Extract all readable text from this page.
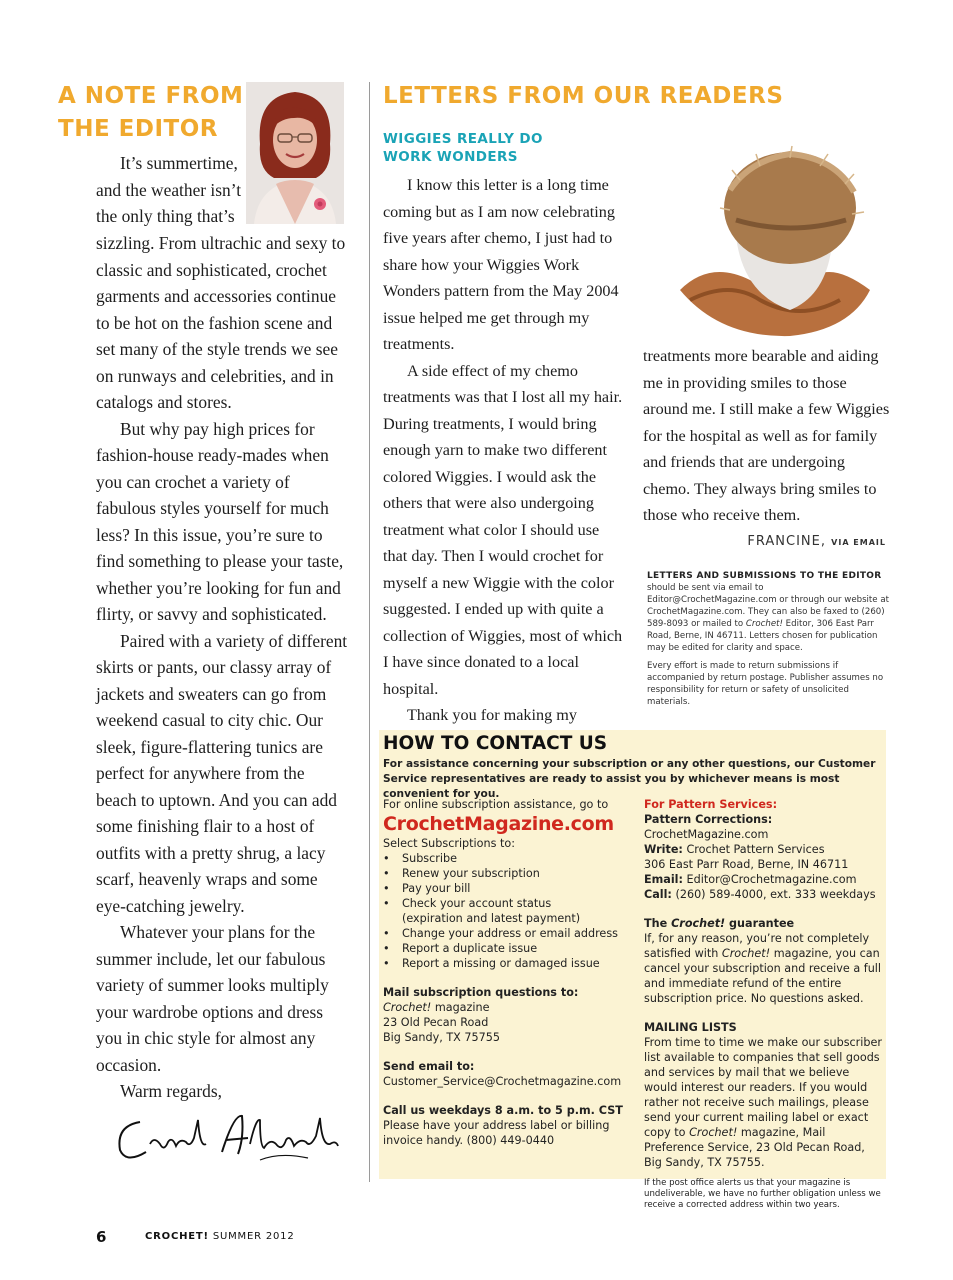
A NOTE FROM THE EDITOR

It’s summertime,

and the weather isn’t

the only thing that’s

sizzling. From ultrachic and sexy to classic and sophisticated, crochet garments and accessories continue to be hot on the fashion scene and set many of the style trends we see on runways and celebrities, and in catalogs and stores.

But why pay high prices for fashion-house ready-mades when you can crochet a variety of fabulous styles yourself for much less? In this issue, you’re sure to find something to please your taste, whether you’re looking for fun and flirty, or savvy and sophisticated.

Paired with a variety of different skirts or pants, our classy array of jackets and sweaters can go from weekend casual to city chic. Our sleek, figure-flattering tunics are perfect for anywhere from the beach to uptown. And you can add some finishing flair to a host of outfits with a pretty shrug, a lacy scarf, heavenly wraps and some eye-catching jewelry.

Whatever your plans for the summer include, let our fabulous variety of summer looks multiply your wardrobe options and dress you in chic style for almost any occasion.

Warm regards,

LETTERS FROM OUR READERS
WIGGIES REALLY DO
WORK WONDERS

I know this letter is a long time coming but as I am now celebrating five years after chemo, I just had to share how your Wiggies Work Wonders pattern from the May 2004 issue helped me get through my treatments.

A side effect of my chemo treatments was that I lost all my hair. During treatments, I would bring enough yarn to make two different colored Wiggies. I would ask the others that were also undergoing treatment what color I should use that day. Then I would crochet for myself a new Wiggie with the color suggested. I ended up with quite a collection of Wiggies, most of which I have since donated to a local hospital.

Thank you for making my

treatments more bearable and aiding me in providing smiles to those around me. I still make a few Wiggies for the hospital as well as for family and friends that are undergoing chemo. They always bring smiles to those who receive them.

FRANCINE, VIA EMAIL
LETTERS AND SUBMISSIONS TO THE EDITOR

should be sent via email to Editor@CrochetMagazine.com or through our website at CrochetMagazine.com. They can also be faxed to (260) 589-8093 or mailed to Crochet! Editor, 306 East Parr Road, Berne, IN 46711. Letters chosen for publication may be edited for clarity and space.

Every effort is made to return submissions if accompanied by return postage. Publisher assumes no responsibility for return or safety of unsolicited materials.

HOW TO CONTACT US
For assistance concerning your subscription or any other questions, our Customer Service representatives are ready to assist you by whichever means is most convenient for you.

For online subscription assistance, go to

CrochetMagazine.com

Select Subscriptions to:

• Subscribe
• Renew your subscription
• Pay your bill
• Check your account status
(expiration and latest payment)
• Change your address or email address
• Report a duplicate issue
• Report a missing or damaged issue

Mail subscription questions to:

Crochet! magazine

23 Old Pecan Road

Big Sandy, TX 75755

Send email to:

Customer_Service@Crochetmagazine.com

Call us weekdays 8 a.m. to 5 p.m. CST

Please have your address label or billing invoice handy. (800) 449-0440

For Pattern Services:

Pattern Corrections: CrochetMagazine.com

Write: Crochet Pattern Services

306 East Parr Road, Berne, IN 46711

Email: Editor@Crochetmagazine.com

Call: (260) 589-4000, ext. 333 weekdays

The Crochet! guarantee

If, for any reason, you’re not completely satisfied with Crochet! magazine, you can cancel your subscription and receive a full and immediate refund of the entire subscription price. No questions asked.

MAILING LISTS

From time to time we make our subscriber list available to companies that sell goods and services by mail that we believe would interest our readers. If you would rather not receive such mailings, please send your current mailing label or exact copy to Crochet! magazine, Mail Preference Service, 23 Old Pecan Road, Big Sandy, TX 75755.

If the post office alerts us that your magazine is undeliverable, we have no further obligation unless we receive a corrected address within two years.

6	CROCHET! SUMMER 2012
